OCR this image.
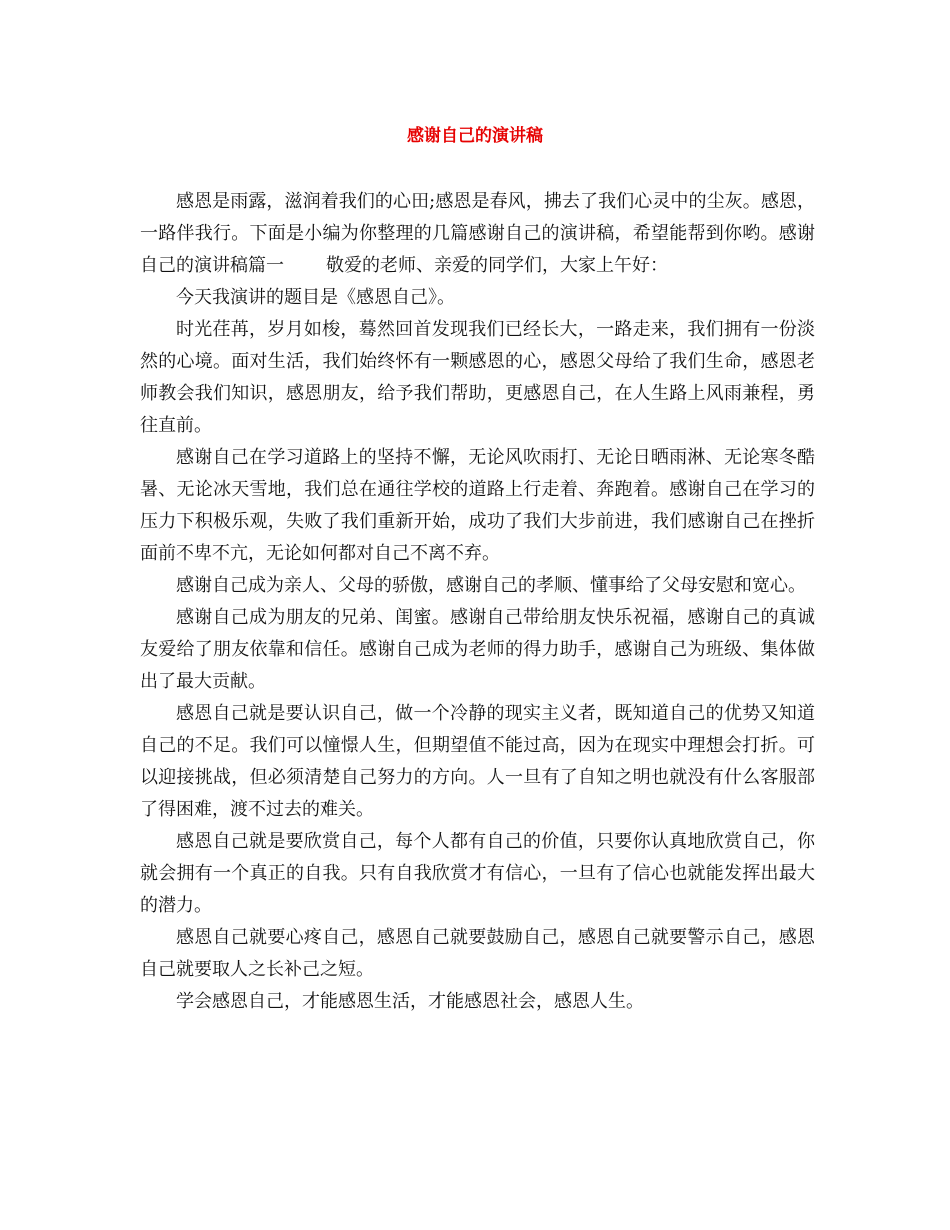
感谢自己的演讲稿

感恩是雨露，滋润着我们的心田;感恩是春风，拂去了我们心灵中的尘灰。感恩，一路伴我行。下面是小编为你整理的几篇感谢自己的演讲稿，希望能帮到你哟。感谢自己的演讲稿篇一 敬爱的老师、亲爱的同学们，大家上午好：

今天我演讲的题目是《感恩自己》。

时光荏苒，岁月如梭，蓦然回首发现我们已经长大，一路走来，我们拥有一份淡然的心境。面对生活，我们始终怀有一颗感恩的心，感恩父母给了我们生命，感恩老师教会我们知识，感恩朋友，给予我们帮助，更感恩自己，在人生路上风雨兼程，勇往直前。

感谢自己在学习道路上的坚持不懈，无论风吹雨打、无论日晒雨淋、无论寒冬酷暑、无论冰天雪地，我们总在通往学校的道路上行走着、奔跑着。感谢自己在学习的压力下积极乐观，失败了我们重新开始，成功了我们大步前进，我们感谢自己在挫折面前不卑不亢，无论如何都对自己不离不弃。

感谢自己成为亲人、父母的骄傲，感谢自己的孝顺、懂事给了父母安慰和宽心。

感谢自己成为朋友的兄弟、闺蜜。感谢自己带给朋友快乐祝福，感谢自己的真诚友爱给了朋友依靠和信任。感谢自己成为老师的得力助手，感谢自己为班级、集体做出了最大贡献。

感恩自己就是要认识自己，做一个冷静的现实主义者，既知道自己的优势又知道自己的不足。我们可以憧憬人生，但期望值不能过高，因为在现实中理想会打折。可以迎接挑战，但必须清楚自己努力的方向。人一旦有了自知之明也就没有什么客服部了得困难，渡不过去的难关。

感恩自己就是要欣赏自己，每个人都有自己的价值，只要你认真地欣赏自己，你就会拥有一个真正的自我。只有自我欣赏才有信心，一旦有了信心也就能发挥出最大的潜力。

感恩自己就要心疼自己，感恩自己就要鼓励自己，感恩自己就要警示自己，感恩自己就要取人之长补己之短。

学会感恩自己，才能感恩生活，才能感恩社会，感恩人生。
